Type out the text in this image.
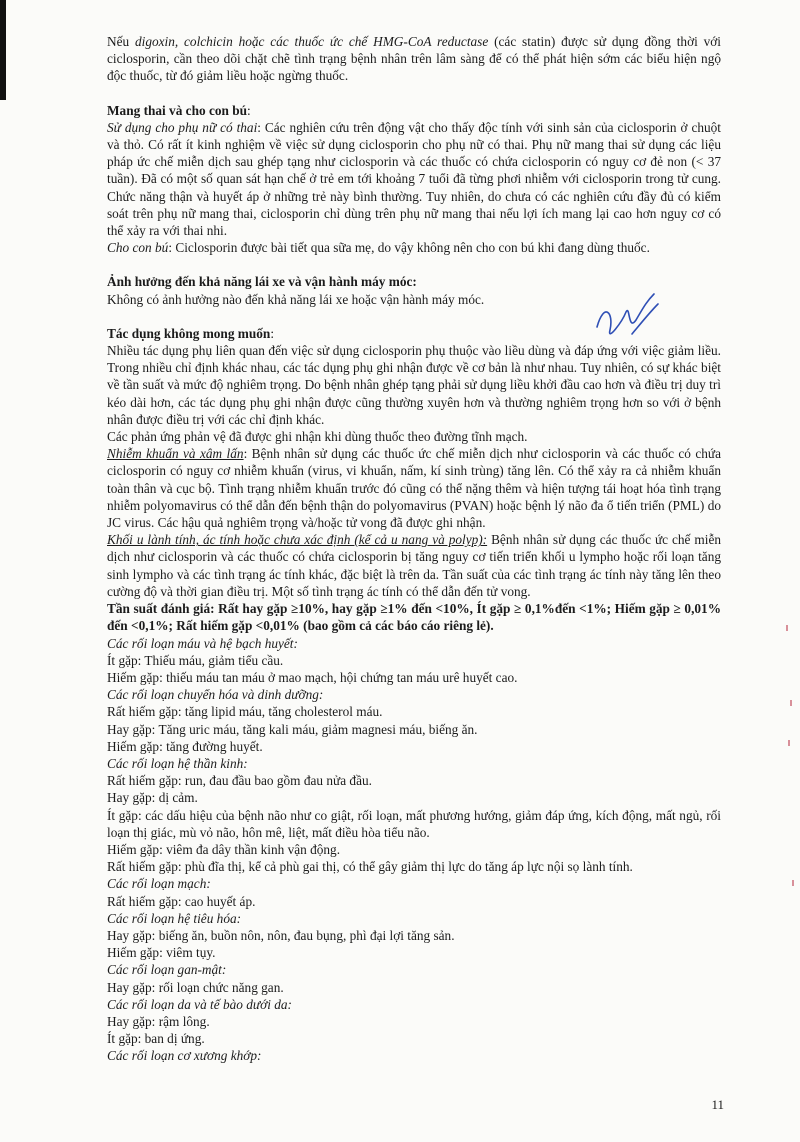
Nếu digoxin, colchicin hoặc các thuốc ức chế HMG-CoA reductase (các statin) được sử dụng đồng thời với ciclosporin, cần theo dõi chặt chẽ tình trạng bệnh nhân trên lâm sàng để có thể phát hiện sớm các biểu hiện ngộ độc thuốc, từ đó giảm liều hoặc ngừng thuốc.

Mang thai và cho con bú:

Sử dụng cho phụ nữ có thai: Các nghiên cứu trên động vật cho thấy độc tính với sinh sản của ciclosporin ở chuột và thỏ. Có rất ít kinh nghiệm về việc sử dụng ciclosporin cho phụ nữ có thai. Phụ nữ mang thai sử dụng các liệu pháp ức chế miễn dịch sau ghép tạng như ciclosporin và các thuốc có chứa ciclosporin có nguy cơ đẻ non (< 37 tuần). Đã có một số quan sát hạn chế ở trẻ em tới khoảng 7 tuổi đã từng phơi nhiễm với ciclosporin trong tử cung. Chức năng thận và huyết áp ở những trẻ này bình thường. Tuy nhiên, do chưa có các nghiên cứu đầy đủ có kiểm soát trên phụ nữ mang thai, ciclosporin chỉ dùng trên phụ nữ mang thai nếu lợi ích mang lại cao hơn nguy cơ có thể xảy ra với thai nhi.

Cho con bú: Ciclosporin được bài tiết qua sữa mẹ, do vậy không nên cho con bú khi đang dùng thuốc.

Ảnh hưởng đến khả năng lái xe và vận hành máy móc:

Không có ảnh hưởng nào đến khả năng lái xe hoặc vận hành máy móc.

Tác dụng không mong muốn:

Nhiều tác dụng phụ liên quan đến việc sử dụng ciclosporin phụ thuộc vào liều dùng và đáp ứng với việc giảm liều. Trong nhiều chỉ định khác nhau, các tác dụng phụ ghi nhận được về cơ bản là như nhau. Tuy nhiên, có sự khác biệt về tần suất và mức độ nghiêm trọng. Do bệnh nhân ghép tạng phải sử dụng liều khởi đầu cao hơn và điều trị duy trì kéo dài hơn, các tác dụng phụ ghi nhận được cũng thường xuyên hơn và thường nghiêm trọng hơn so với ở bệnh nhân được điều trị với các chỉ định khác.

Các phản ứng phản vệ đã được ghi nhận khi dùng thuốc theo đường tĩnh mạch.

Nhiễm khuẩn và xâm lấn: Bệnh nhân sử dụng các thuốc ức chế miễn dịch như ciclosporin và các thuốc có chứa ciclosporin có nguy cơ nhiễm khuẩn (virus, vi khuẩn, nấm, kí sinh trùng) tăng lên. Có thể xảy ra cả nhiễm khuẩn toàn thân và cục bộ. Tình trạng nhiễm khuẩn trước đó cũng có thể nặng thêm và hiện tượng tái hoạt hóa tình trạng nhiễm polyomavirus có thể dẫn đến bệnh thận do polyomavirus (PVAN) hoặc bệnh lý não đa ổ tiến triển (PML) do JC virus. Các hậu quả nghiêm trọng và/hoặc tử vong đã được ghi nhận.

Khối u lành tính, ác tính hoặc chưa xác định (kể cả u nang và polyp): Bệnh nhân sử dụng các thuốc ức chế miễn dịch như ciclosporin và các thuốc có chứa ciclosporin bị tăng nguy cơ tiến triển khối u lympho hoặc rối loạn tăng sinh lympho và các tình trạng ác tính khác, đặc biệt là trên da. Tần suất của các tình trạng ác tính này tăng lên theo cường độ và thời gian điều trị. Một số tình trạng ác tính có thể dẫn đến tử vong.

Tần suất đánh giá: Rất hay gặp ≥10%, hay gặp ≥1% đến <10%, Ít gặp ≥ 0,1%đến <1%; Hiếm gặp ≥ 0,01% đến <0,1%; Rất hiếm gặp <0,01% (bao gồm cả các báo cáo riêng lẻ).

Các rối loạn máu và hệ bạch huyết:

Ít gặp: Thiếu máu, giảm tiểu cầu.

Hiếm gặp: thiếu máu tan máu ở mao mạch, hội chứng tan máu urê huyết cao.

Các rối loạn chuyển hóa và dinh dưỡng:

Rất hiếm gặp: tăng lipid máu, tăng cholesterol máu.

Hay gặp: Tăng uric máu, tăng kali máu, giảm magnesi máu, biếng ăn.

Hiếm gặp: tăng đường huyết.

Các rối loạn hệ thần kinh:

Rất hiếm gặp: run, đau đầu bao gồm đau nửa đầu.

Hay gặp: dị cảm.

Ít gặp: các dấu hiệu của bệnh não như co giật, rối loạn, mất phương hướng, giảm đáp ứng, kích động, mất ngủ, rối loạn thị giác, mù vỏ não, hôn mê, liệt, mất điều hòa tiểu não.

Hiếm gặp: viêm đa dây thần kinh vận động.

Rất hiếm gặp: phù đĩa thị, kể cả phù gai thị, có thể gây giảm thị lực do tăng áp lực nội sọ lành tính.

Các rối loạn mạch:

Rất hiếm gặp: cao huyết áp.

Các rối loạn hệ tiêu hóa:

Hay gặp: biếng ăn, buồn nôn, nôn, đau bụng, phì đại lợi tăng sản.

Hiếm gặp: viêm tụy.

Các rối loạn gan-mật:

Hay gặp: rối loạn chức năng gan.

Các rối loạn da và tế bào dưới da:

Hay gặp: rậm lông.

Ít gặp: ban dị ứng.

Các rối loạn cơ xương khớp:

11
